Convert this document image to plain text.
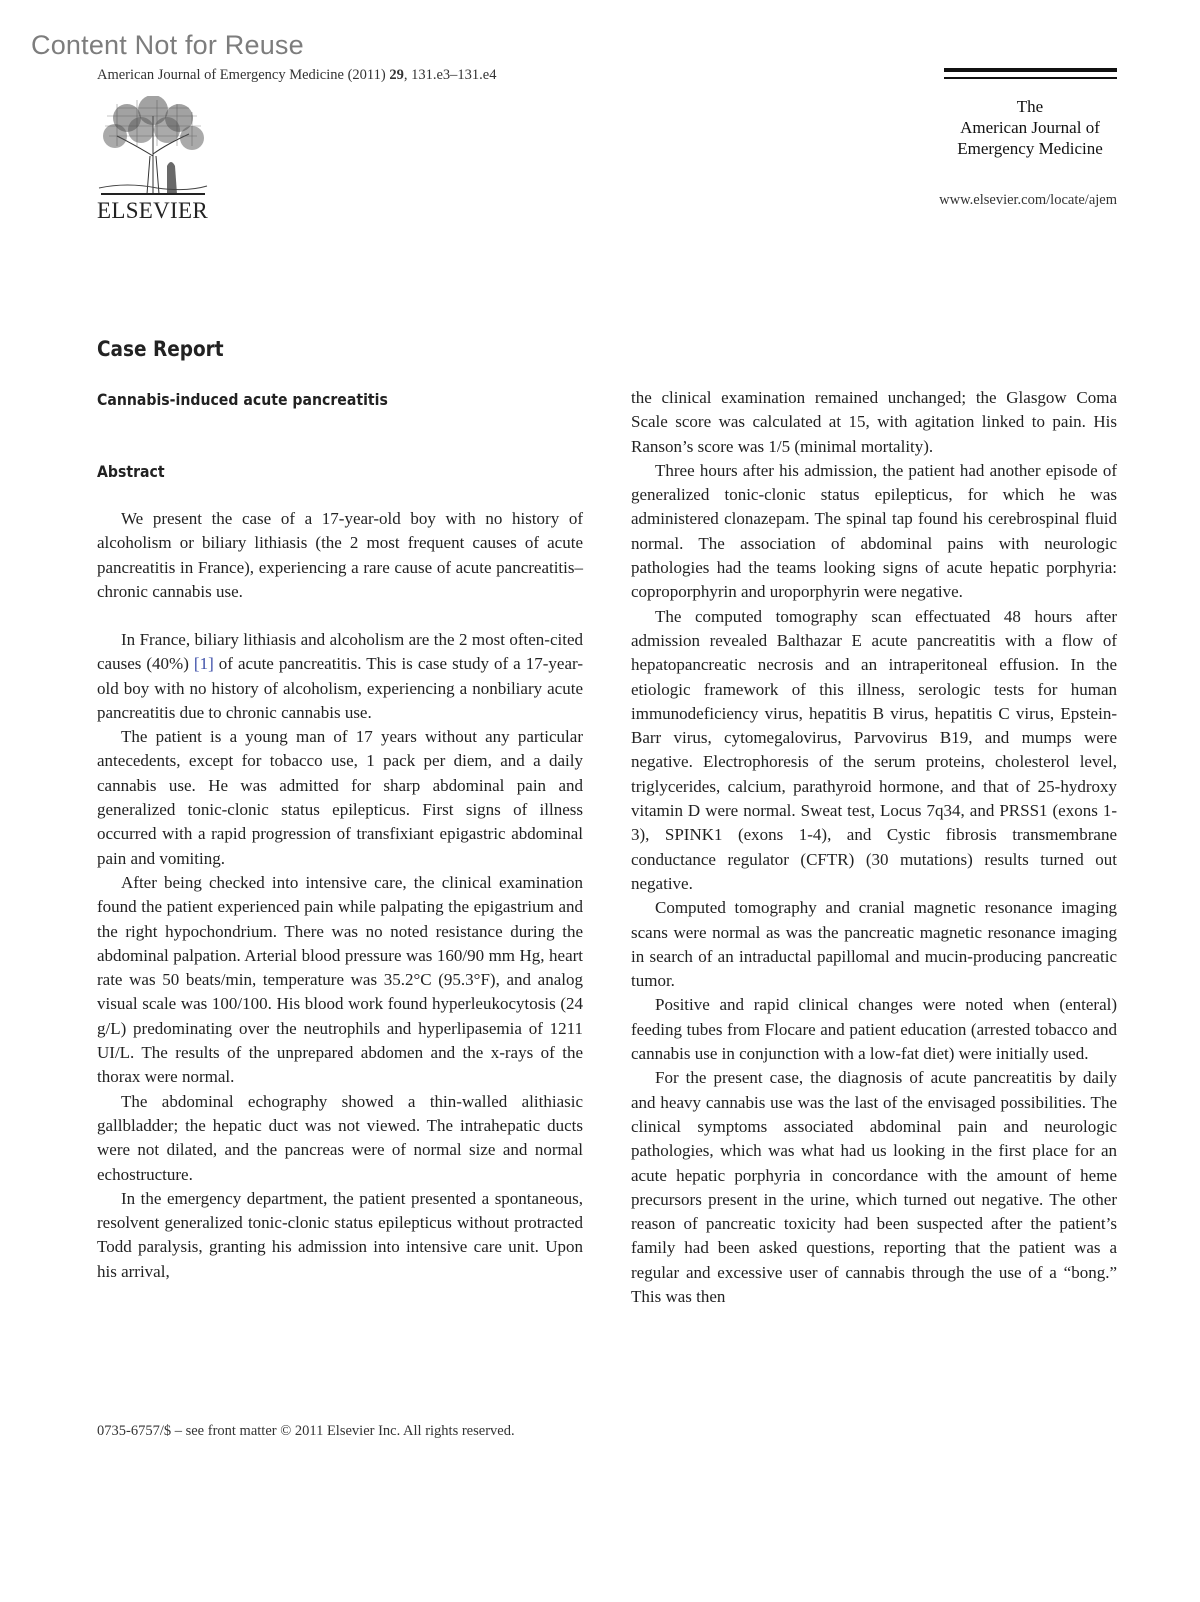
Content Not for Reuse
American Journal of Emergency Medicine (2011) 29, 131.e3–131.e4
ELSEVIER
The
American Journal of
Emergency Medicine
www.elsevier.com/locate/ajem
Case Report
Cannabis-induced acute pancreatitis
Abstract

We present the case of a 17-year-old boy with no history of alcoholism or biliary lithiasis (the 2 most frequent causes of acute pancreatitis in France), experiencing a rare cause of acute pancreatitis–chronic cannabis use.

In France, biliary lithiasis and alcoholism are the 2 most often-cited causes (40%) [1] of acute pancreatitis. This is case study of a 17-year-old boy with no history of alcoholism, experiencing a nonbiliary acute pancreatitis due to chronic cannabis use.

The patient is a young man of 17 years without any particular antecedents, except for tobacco use, 1 pack per diem, and a daily cannabis use. He was admitted for sharp abdominal pain and generalized tonic-clonic status epilepticus. First signs of illness occurred with a rapid progression of transfixiant epigastric abdominal pain and vomiting.

After being checked into intensive care, the clinical examination found the patient experienced pain while palpating the epigastrium and the right hypochondrium. There was no noted resistance during the abdominal palpation. Arterial blood pressure was 160/90 mm Hg, heart rate was 50 beats/min, temperature was 35.2°C (95.3°F), and analog visual scale was 100/100. His blood work found hyperleukocytosis (24 g/L) predominating over the neutrophils and hyperlipasemia of 1211 UI/L. The results of the unprepared abdomen and the x-rays of the thorax were normal.

The abdominal echography showed a thin-walled alithiasic gallbladder; the hepatic duct was not viewed. The intrahepatic ducts were not dilated, and the pancreas were of normal size and normal echostructure.

In the emergency department, the patient presented a spontaneous, resolvent generalized tonic-clonic status epilepticus without protracted Todd paralysis, granting his admission into intensive care unit. Upon his arrival,

the clinical examination remained unchanged; the Glasgow Coma Scale score was calculated at 15, with agitation linked to pain. His Ranson’s score was 1/5 (minimal mortality).

Three hours after his admission, the patient had another episode of generalized tonic-clonic status epilepticus, for which he was administered clonazepam. The spinal tap found his cerebrospinal fluid normal. The association of abdominal pains with neurologic pathologies had the teams looking signs of acute hepatic porphyria: coproporphyrin and uroporphyrin were negative.

The computed tomography scan effectuated 48 hours after admission revealed Balthazar E acute pancreatitis with a flow of hepatopancreatic necrosis and an intraperitoneal effusion. In the etiologic framework of this illness, serologic tests for human immunodeficiency virus, hepatitis B virus, hepatitis C virus, Epstein-Barr virus, cytomegalovirus, Parvovirus B19, and mumps were negative. Electrophoresis of the serum proteins, cholesterol level, triglycerides, calcium, parathyroid hormone, and that of 25-hydroxy vitamin D were normal. Sweat test, Locus 7q34, and PRSS1 (exons 1-3), SPINK1 (exons 1-4), and Cystic fibrosis transmembrane conductance regulator (CFTR) (30 mutations) results turned out negative.

Computed tomography and cranial magnetic resonance imaging scans were normal as was the pancreatic magnetic resonance imaging in search of an intraductal papillomal and mucin-producing pancreatic tumor.

Positive and rapid clinical changes were noted when (enteral) feeding tubes from Flocare and patient education (arrested tobacco and cannabis use in conjunction with a low-fat diet) were initially used.

For the present case, the diagnosis of acute pancreatitis by daily and heavy cannabis use was the last of the envisaged possibilities. The clinical symptoms associated abdominal pain and neurologic pathologies, which was what had us looking in the first place for an acute hepatic porphyria in concordance with the amount of heme precursors present in the urine, which turned out negative. The other reason of pancreatic toxicity had been suspected after the patient’s family had been asked questions, reporting that the patient was a regular and excessive user of cannabis through the use of a “bong.” This was then

0735-6757/$ – see front matter © 2011 Elsevier Inc. All rights reserved.
